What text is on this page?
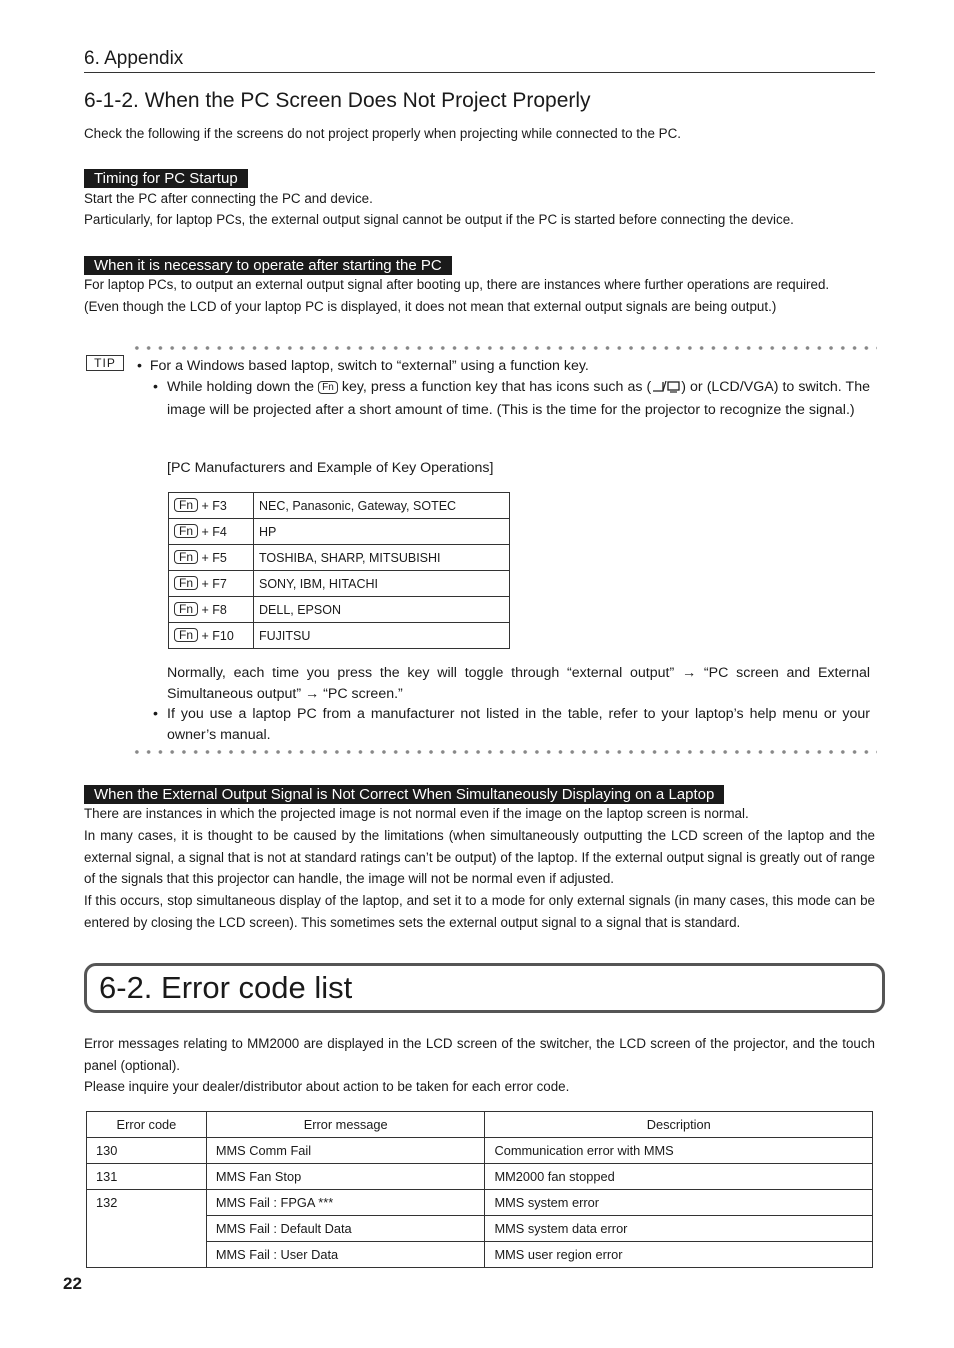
6. Appendix
6-1-2. When the PC Screen Does Not Project Properly
Check the following if the screens do not project properly when projecting while connected to the PC.
Timing for PC Startup
Start the PC after connecting the PC and device.
Particularly, for laptop PCs, the external output signal cannot be output if the PC is started before connecting the device.
When it is necessary to operate after starting the PC
For laptop PCs, to output an external output signal after booting up, there are instances where further operations are required.
(Even though the LCD of your laptop PC is displayed, it does not mean that external output signals are being output.)
TIP	• For a Windows based laptop, switch to “external” using a function key.
• While holding down the Fn key, press a function key that has icons such as ( ) or (LCD/VGA) to switch. The image will be projected after a short amount of time. (This is the time for the projector to recognize the signal.)
[PC Manufacturers and Example of Key Operations]
Fn + F3	NEC, Panasonic, Gateway, SOTEC
Fn + F4	HP
Fn + F5	TOSHIBA, SHARP, MITSUBISHI
Fn + F7	SONY, IBM, HITACHI
Fn + F8	DELL, EPSON
Fn + F10	FUJITSU
Normally, each time you press the key will toggle through “external output” → “PC screen and External Simultaneous output” → “PC screen.”
• If you use a laptop PC from a manufacturer not listed in the table, refer to your laptop’s help menu or your owner’s manual.
When the External Output Signal is Not Correct When Simultaneously Displaying on a Laptop
There are instances in which the projected image is not normal even if the image on the laptop screen is normal.
In many cases, it is thought to be caused by the limitations (when simultaneously outputting the LCD screen of the laptop and the external signal, a signal that is not at standard ratings can’t be output) of the laptop. If the external output signal is greatly out of range of the signals that this projector can handle, the image will not be normal even if adjusted.
If this occurs, stop simultaneous display of the laptop, and set it to a mode for only external signals (in many cases, this mode can be entered by closing the LCD screen). This sometimes sets the external output signal to a signal that is standard.
6-2. Error code list
Error messages relating to MM2000 are displayed in the LCD screen of the switcher, the LCD screen of the projector, and the touch panel (optional).
Please inquire your dealer/distributor about action to be taken for each error code.
Error code	Error message	Description
130	MMS Comm Fail	Communication error with MMS
131	MMS Fan Stop	MM2000 fan stopped
132	MMS Fail : FPGA ***	MMS system error
	MMS Fail : Default Data	MMS system data error
	MMS Fail : User Data	MMS user region error
22
